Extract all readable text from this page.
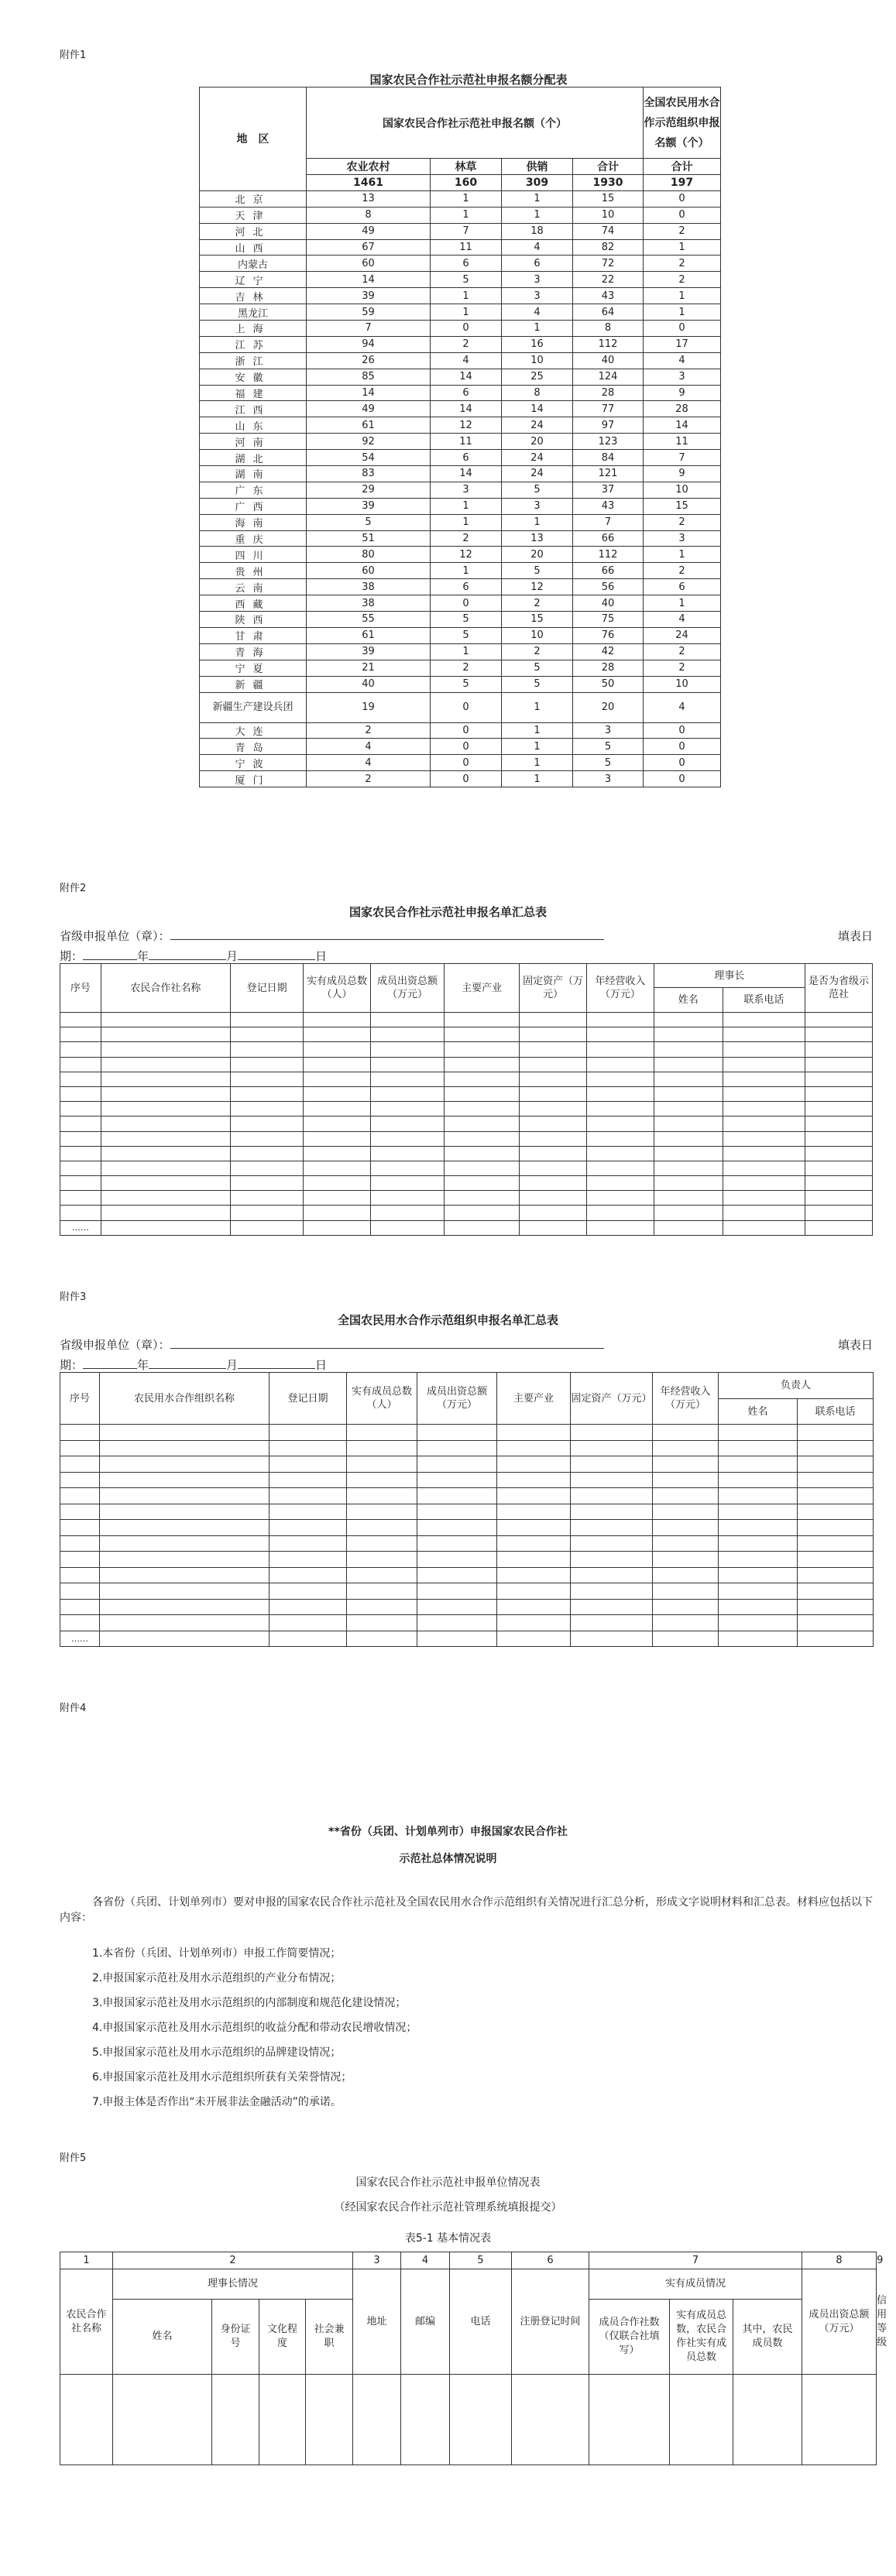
附件1
国家农民合作社示范社申报名额分配表
地　区	国家农民合作社示范社申报名额（个）				全国农民用水合作示范组织申报名额（个）
	农业农村	林草	供销	合计	合计
	1461	160	309	1930	197
北京	13	1	1	15	0
天津	8	1	1	10	0
河北	49	7	18	74	2
山西	67	11	4	82	1
内蒙古	60	6	6	72	2
辽宁	14	5	3	22	2
吉林	39	1	3	43	1
黑龙江	59	1	4	64	1
上海	7	0	1	8	0
江苏	94	2	16	112	17
浙江	26	4	10	40	4
安徽	85	14	25	124	3
福建	14	6	8	28	9
江西	49	14	14	77	28
山东	61	12	24	97	14
河南	92	11	20	123	11
湖北	54	6	24	84	7
湖南	83	14	24	121	9
广东	29	3	5	37	10
广西	39	1	3	43	15
海南	5	1	1	7	2
重庆	51	2	13	66	3
四川	80	12	20	112	1
贵州	60	1	5	66	2
云南	38	6	12	56	6
西藏	38	0	2	40	1
陕西	55	5	15	75	4
甘肃	61	5	10	76	24
青海	39	1	2	42	2
宁夏	21	2	5	28	2
新疆	40	5	5	50	10
新疆生产建设兵团	19	0	1	20	4
大连	2	0	1	3	0
青岛	4	0	1	5	0
宁波	4	0	1	5	0
厦门	2	0	1	3	0
附件2
国家农民合作社示范社申报名单汇总表
省级申报单位（章）：	填表日
期：	年	月	日
序号	农民合作社名称	登记日期	实有成员总数（人）	成员出资总额（万元）	主要产业	固定资产（万元）	年经营收入（万元）	理事长		是否为省级示范社
								姓名	联系电话	

……										
附件3
全国农民用水合作示范组织申报名单汇总表
省级申报单位（章）：	填表日
期：	年	月	日
序号	农民用水合作组织名称	登记日期	实有成员总数（人）	成员出资总额（万元）	主要产业	固定资产（万元）	年经营收入（万元）	负责人	
								姓名	联系电话

……									
附件4
**省份（兵团、计划单列市）申报国家农民合作社
示范社总体情况说明
各省份（兵团、计划单列市）要对申报的国家农民合作社示范社及全国农民用水合作示范组织有关情况进行汇总分析，形成文字说明材料和汇总表。材料应包括以下内容：
1.本省份（兵团、计划单列市）申报工作简要情况；
2.申报国家示范社及用水示范组织的产业分布情况；
3.申报国家示范社及用水示范组织的内部制度和规范化建设情况；
4.申报国家示范社及用水示范组织的收益分配和带动农民增收情况；
5.申报国家示范社及用水示范组织的品牌建设情况；
6.申报国家示范社及用水示范组织所获有关荣誉情况；
7.申报主体是否作出“未开展非法金融活动”的承诺。
附件5
国家农民合作社示范社申报单位情况表
（经国家农民合作社示范社管理系统填报提交）
表5-1 基本情况表
1	2				3	4	5	6	7			8	9
农民合作社名称	理事长情况				地址	邮编	电话	注册登记时间	实有成员情况			成员出资总额（万元）	信用等级
	姓名	身份证号	文化程度	社会兼职					成员合作社数（仅联合社填写）	实有成员总数，农民合作社实有成员总数	其中，农民成员数		
